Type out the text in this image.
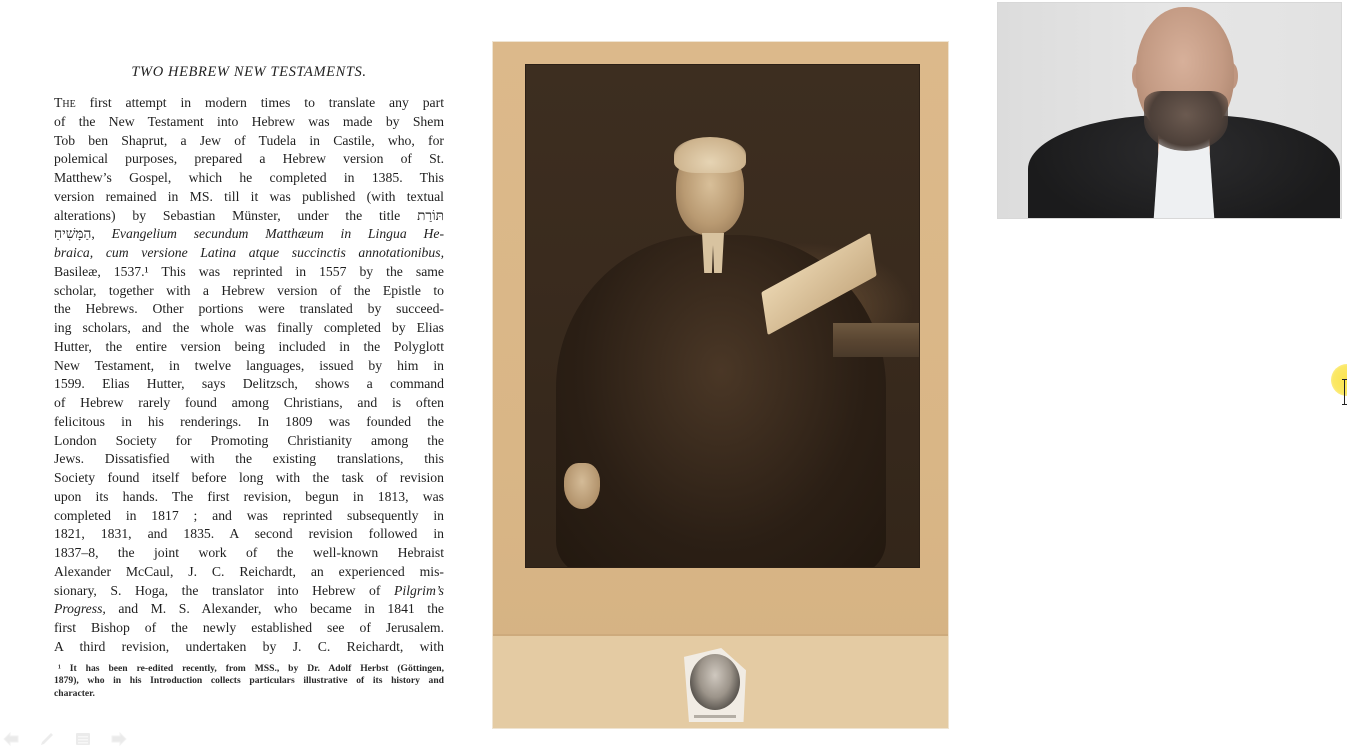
TWO HEBREW NEW TESTAMENTS.
The first attempt in modern times to translate any part
of the New Testament into Hebrew was made by Shem
Tob ben Shaprut, a Jew of Tudela in Castile, who, for
polemical purposes, prepared a Hebrew version of St.
Matthew’s Gospel, which he completed in 1385. This
version remained in MS. till it was published (with textual
alterations) by Sebastian Münster, under the title תּוֹרַת
הַמָּשִׁיחַ, Evangelium secundum Matthæum in Lingua He-
braica, cum versione Latina atque succinctis annotationibus,
Basileæ, 1537.¹ This was reprinted in 1557 by the same
scholar, together with a Hebrew version of the Epistle to
the Hebrews. Other portions were translated by succeed-
ing scholars, and the whole was finally completed by Elias
Hutter, the entire version being included in the Polyglott
New Testament, in twelve languages, issued by him in
1599. Elias Hutter, says Delitzsch, shows a command
of Hebrew rarely found among Christians, and is often
felicitous in his renderings. In 1809 was founded the
London Society for Promoting Christianity among the
Jews. Dissatisfied with the existing translations, this
Society found itself before long with the task of revision
upon its hands. The first revision, begun in 1813, was
completed in 1817 ; and was reprinted subsequently in
1821, 1831, and 1835. A second revision followed in
1837–8, the joint work of the well-known Hebraist
Alexander McCaul, J. C. Reichardt, an experienced mis-
sionary, S. Hoga, the translator into Hebrew of Pilgrim’s
Progress, and M. S. Alexander, who became in 1841 the
first Bishop of the newly established see of Jerusalem.
A third revision, undertaken by J. C. Reichardt, with
¹ It has been re-edited recently, from MSS., by Dr. Adolf Herbst (Göttingen,
1879), who in his Introduction collects particulars illustrative of its history and
character.
